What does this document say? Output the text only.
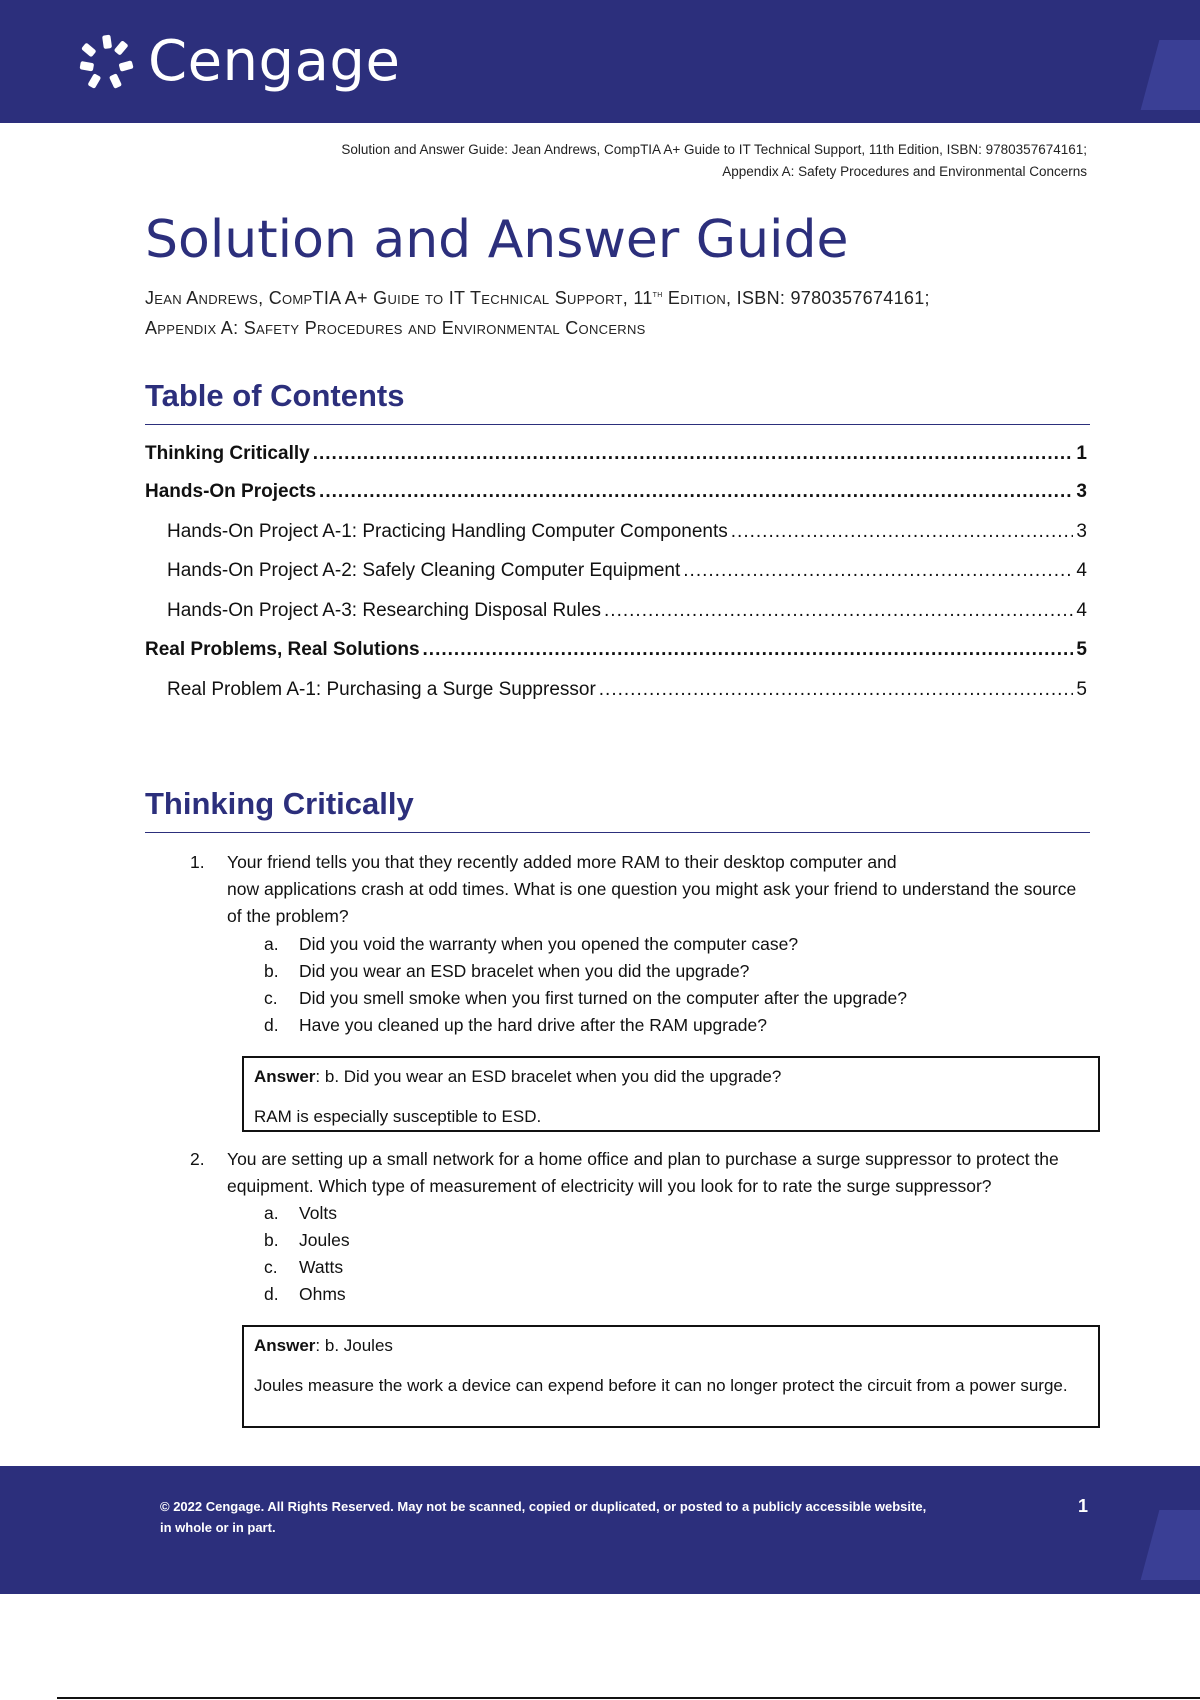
Cengage
Solution and Answer Guide: Jean Andrews, CompTIA A+ Guide to IT Technical Support, 11th Edition, ISBN: 9780357674161;
Appendix A: Safety Procedures and Environmental Concerns
Solution and Answer Guide
Jean Andrews, CompTIA A+ Guide to IT Technical Support, 11th Edition, ISBN: 9780357674161;
Appendix A: Safety Procedures and Environmental Concerns
Table of Contents
Thinking Critically .....	1
Hands-On Projects .....	3
Hands-On Project A-1: Practicing Handling Computer Components .....	3
Hands-On Project A-2: Safely Cleaning Computer Equipment .....	4
Hands-On Project A-3: Researching Disposal Rules .....	4
Real Problems, Real Solutions .....	5
Real Problem A-1: Purchasing a Surge Suppressor .....	5
Thinking Critically
1. Your friend tells you that they recently added more RAM to their desktop computer and
now applications crash at odd times. What is one question you might ask your friend to understand the source of the problem?
a. Did you void the warranty when you opened the computer case?
b. Did you wear an ESD bracelet when you did the upgrade?
c. Did you smell smoke when you first turned on the computer after the upgrade?
d. Have you cleaned up the hard drive after the RAM upgrade?
Answer: b. Did you wear an ESD bracelet when you did the upgrade?
RAM is especially susceptible to ESD.
2. You are setting up a small network for a home office and plan to purchase a surge suppressor to protect the equipment. Which type of measurement of electricity will you look for to rate the surge suppressor?
a. Volts
b. Joules
c. Watts
d. Ohms
Answer: b. Joules
Joules measure the work a device can expend before it can no longer protect the circuit from a power surge.
© 2022 Cengage. All Rights Reserved. May not be scanned, copied or duplicated, or posted to a publicly accessible website, in whole or in part.
1
